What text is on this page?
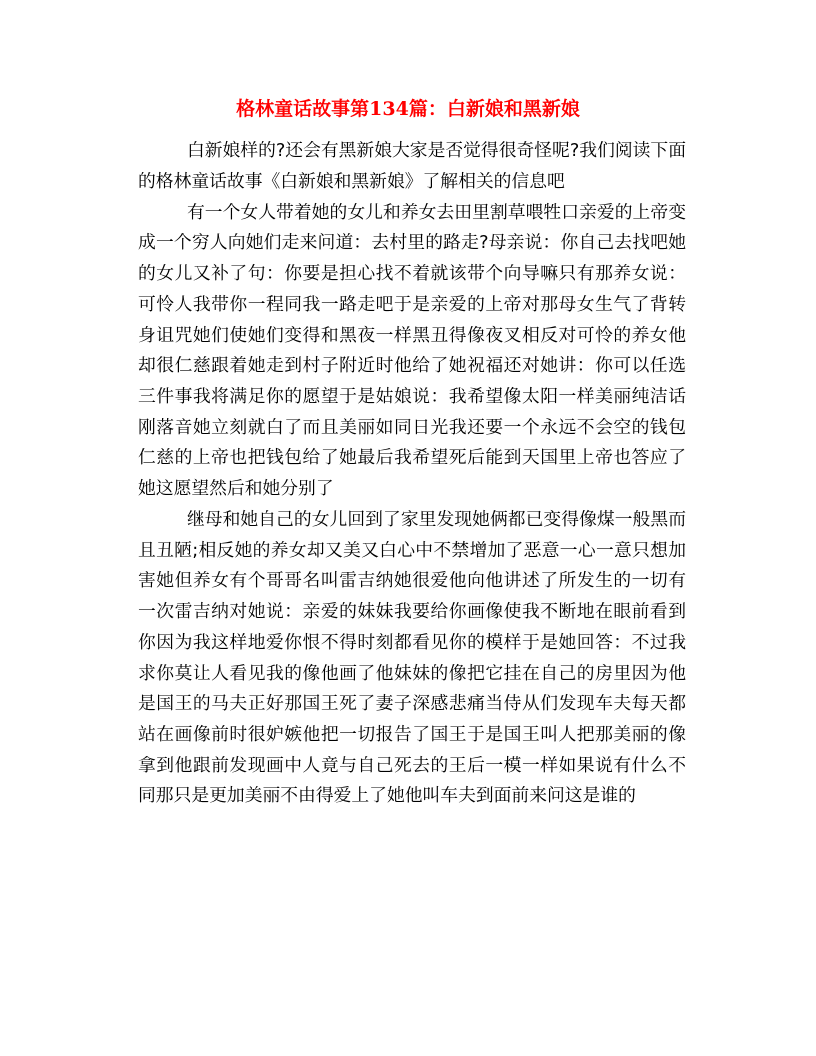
格林童话故事第134篇：白新娘和黑新娘

白新娘样的?还会有黑新娘大家是否觉得很奇怪呢?我们阅读下面的格林童话故事《白新娘和黑新娘》了解相关的信息吧

有一个女人带着她的女儿和养女去田里割草喂牲口亲爱的上帝变成一个穷人向她们走来问道：去村里的路走?母亲说：你自己去找吧她的女儿又补了句：你要是担心找不着就该带个向导嘛只有那养女说：可怜人我带你一程同我一路走吧于是亲爱的上帝对那母女生气了背转身诅咒她们使她们变得和黑夜一样黑丑得像夜叉相反对可怜的养女他却很仁慈跟着她走到村子附近时他给了她祝福还对她讲：你可以任选三件事我将满足你的愿望于是姑娘说：我希望像太阳一样美丽纯洁话刚落音她立刻就白了而且美丽如同日光我还要一个永远不会空的钱包仁慈的上帝也把钱包给了她最后我希望死后能到天国里上帝也答应了她这愿望然后和她分别了

继母和她自己的女儿回到了家里发现她俩都已变得像煤一般黑而且丑陋;相反她的养女却又美又白心中不禁增加了恶意一心一意只想加害她但养女有个哥哥名叫雷吉纳她很爱他向他讲述了所发生的一切有一次雷吉纳对她说：亲爱的妹妹我要给你画像使我不断地在眼前看到你因为我这样地爱你恨不得时刻都看见你的模样于是她回答：不过我求你莫让人看见我的像他画了他妹妹的像把它挂在自己的房里因为他是国王的马夫正好那国王死了妻子深感悲痛当侍从们发现车夫每天都站在画像前时很妒嫉他把一切报告了国王于是国王叫人把那美丽的像拿到他跟前发现画中人竟与自己死去的王后一模一样如果说有什么不同那只是更加美丽不由得爱上了她他叫车夫到面前来问这是谁的
